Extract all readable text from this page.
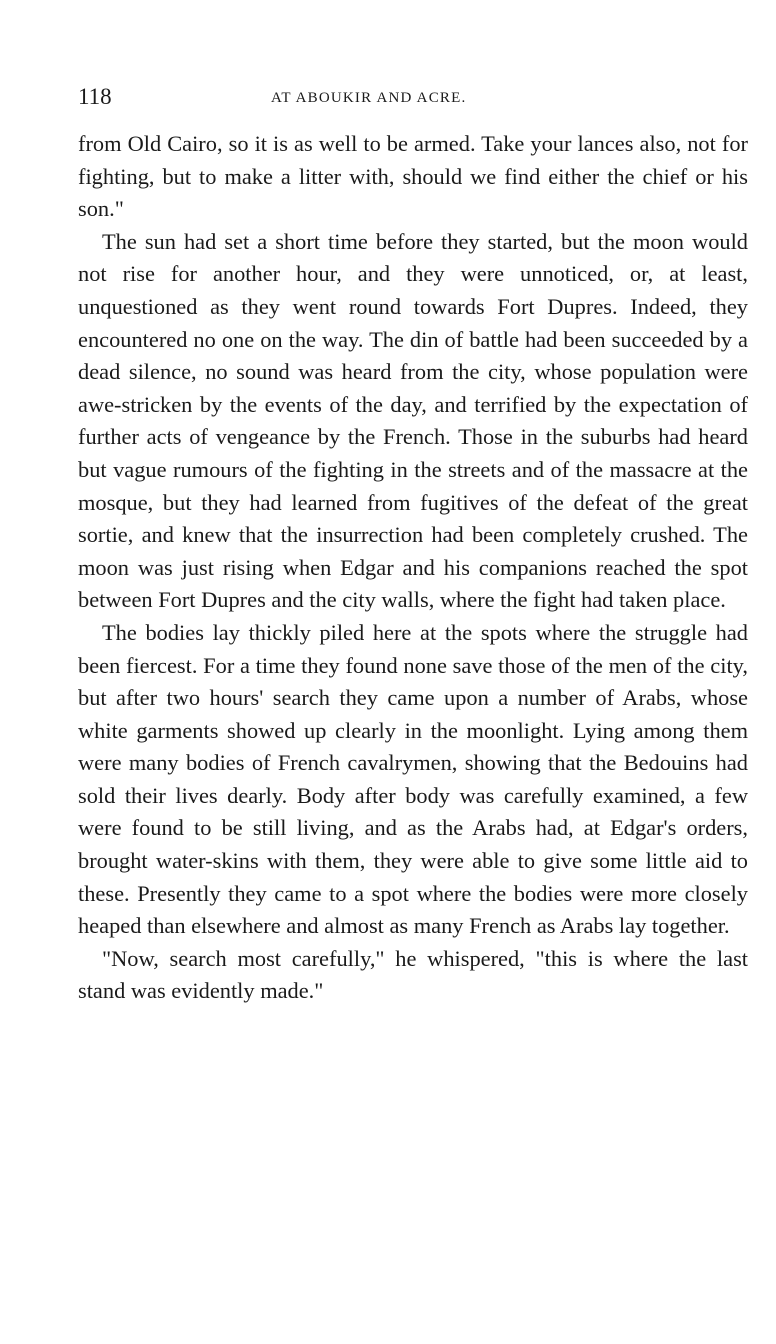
118	AT ABOUKIR AND ACRE.

from Old Cairo, so it is as well to be armed. Take your lances also, not for fighting, but to make a litter with, should we find either the chief or his son."

The sun had set a short time before they started, but the moon would not rise for another hour, and they were unnoticed, or, at least, unquestioned as they went round towards Fort Dupres. Indeed, they encountered no one on the way. The din of battle had been succeeded by a dead silence, no sound was heard from the city, whose population were awe-stricken by the events of the day, and terrified by the expectation of further acts of vengeance by the French. Those in the suburbs had heard but vague rumours of the fighting in the streets and of the massacre at the mosque, but they had learned from fugitives of the defeat of the great sortie, and knew that the insurrection had been completely crushed. The moon was just rising when Edgar and his companions reached the spot between Fort Dupres and the city walls, where the fight had taken place.

The bodies lay thickly piled here at the spots where the struggle had been fiercest. For a time they found none save those of the men of the city, but after two hours' search they came upon a number of Arabs, whose white garments showed up clearly in the moonlight. Lying among them were many bodies of French cavalrymen, showing that the Bedouins had sold their lives dearly. Body after body was carefully examined, a few were found to be still living, and as the Arabs had, at Edgar's orders, brought water-skins with them, they were able to give some little aid to these. Presently they came to a spot where the bodies were more closely heaped than elsewhere and almost as many French as Arabs lay together.

"Now, search most carefully," he whispered, "this is where the last stand was evidently made."
